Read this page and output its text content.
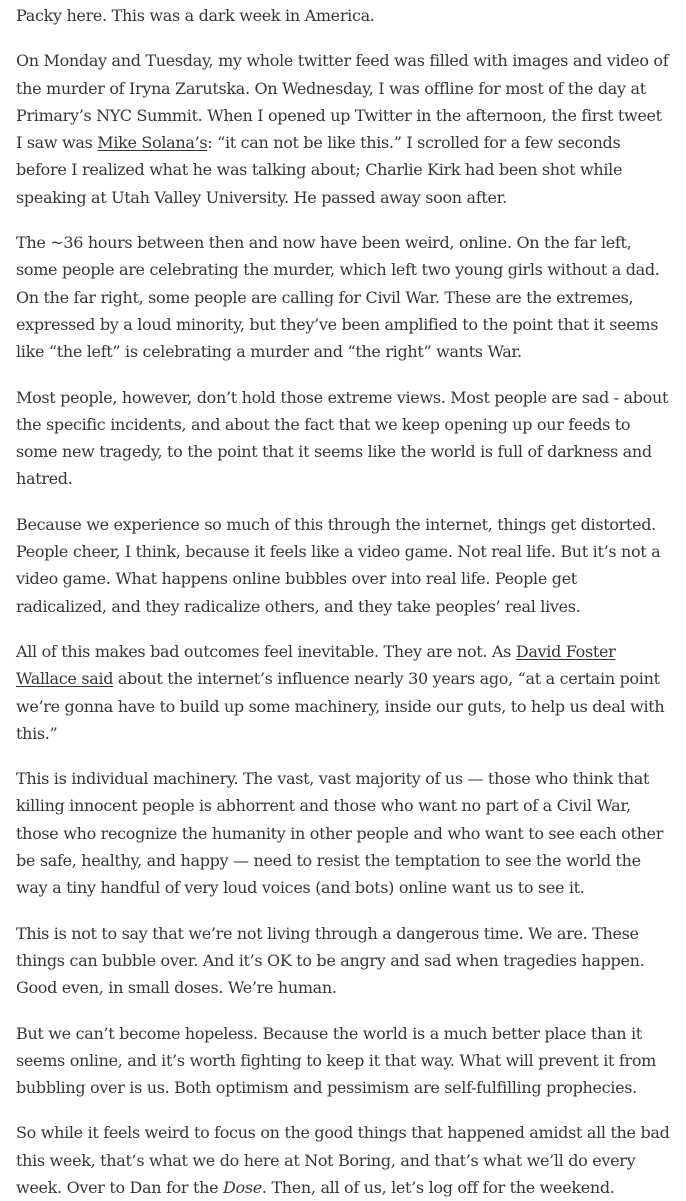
Packy here. This was a dark week in America.

On Monday and Tuesday, my whole twitter feed was filled with images and video of the murder of Iryna Zarutska. On Wednesday, I was offline for most of the day at Primary’s NYC Summit. When I opened up Twitter in the afternoon, the first tweet I saw was Mike Solana’s: “it can not be like this.” I scrolled for a few seconds before I realized what he was talking about; Charlie Kirk had been shot while speaking at Utah Valley University. He passed away soon after.

The ~36 hours between then and now have been weird, online. On the far left, some people are celebrating the murder, which left two young girls without a dad. On the far right, some people are calling for Civil War. These are the extremes, expressed by a loud minority, but they’ve been amplified to the point that it seems like “the left” is celebrating a murder and “the right” wants War.

Most people, however, don’t hold those extreme views. Most people are sad - about the specific incidents, and about the fact that we keep opening up our feeds to some new tragedy, to the point that it seems like the world is full of darkness and hatred.

Because we experience so much of this through the internet, things get distorted. People cheer, I think, because it feels like a video game. Not real life. But it’s not a video game. What happens online bubbles over into real life. People get radicalized, and they radicalize others, and they take peoples’ real lives.

All of this makes bad outcomes feel inevitable. They are not. As David Foster Wallace said about the internet’s influence nearly 30 years ago, “at a certain point we’re gonna have to build up some machinery, inside our guts, to help us deal with this.”

This is individual machinery. The vast, vast majority of us — those who think that killing innocent people is abhorrent and those who want no part of a Civil War, those who recognize the humanity in other people and who want to see each other be safe, healthy, and happy — need to resist the temptation to see the world the way a tiny handful of very loud voices (and bots) online want us to see it.

This is not to say that we’re not living through a dangerous time. We are. These things can bubble over. And it’s OK to be angry and sad when tragedies happen. Good even, in small doses. We’re human.

But we can’t become hopeless. Because the world is a much better place than it seems online, and it’s worth fighting to keep it that way. What will prevent it from bubbling over is us. Both optimism and pessimism are self-fulfilling prophecies.

So while it feels weird to focus on the good things that happened amidst all the bad this week, that’s what we do here at Not Boring, and that’s what we’ll do every week. Over to Dan for the Dose. Then, all of us, let’s log off for the weekend.
